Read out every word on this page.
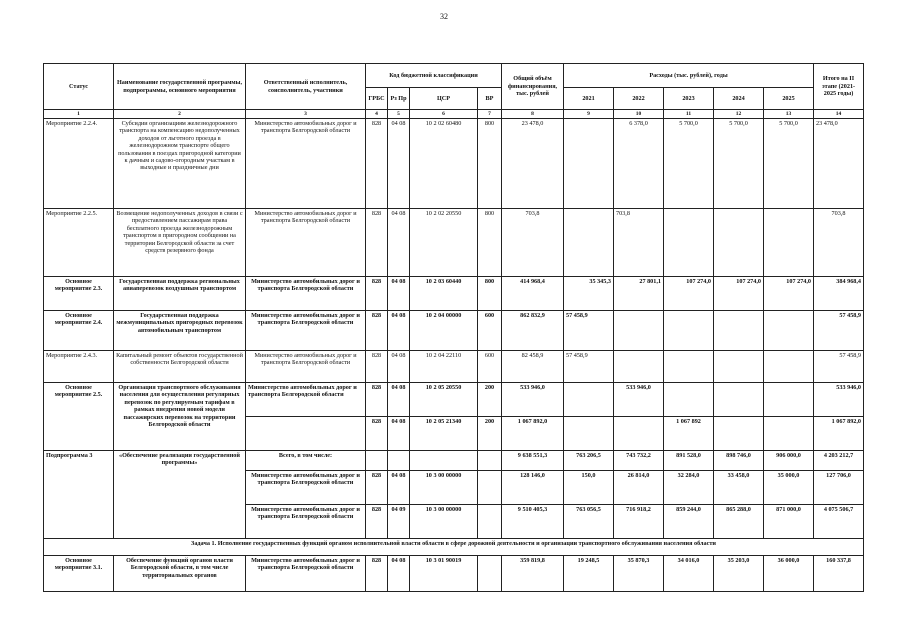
32
Статус	Наименование государственной программы, подпрограммы, основного мероприятия	Ответственный исполнитель, соисполнитель, участники	Код бюджетной классификации				Общий объём финансирования, тыс. рублей	Расходы (тыс. рублей), годы					Итого на II этапе (2021-2025 годы)
			ГРБС	Рз Пр	ЦСР	ВР		2021	2022	2023	2024	2025	
1	2	3	4	5	6	7	8	9	10	11	12	13	14
Мероприятие 2.2.4.	Субсидии организациям железнодорожного транспорта на компенсацию недополученных доходов от льготного проезда в железнодорожном транспорте общего пользования в поездах пригородной категории к дачным и садово-огородным участкам в выходные и праздничные дни	Министерство автомобильных дорог и транспорта Белгородской области	828	04 08	10 2 02 60480	800	23 478,0		6 378,0	5 700,0	5 700,0	5 700,0	23 478,0
Мероприятие 2.2.5.	Возмещение недополученных доходов в связи с предоставлением пассажирам права бесплатного проезда железнодорожным транспортом в пригородном сообщении на территории Белгородской области за счет средств резервного фонда	Министерство автомобильных дорог и транспорта Белгородской области	828	04 08	10 2 02 20550	800	703,8		703,8				703,8
Основное мероприятие 2.3.	Государственная поддержка региональных авиаперевозок воздушным транспортом	Министерство автомобильных дорог и транспорта Белгородской области	828	04 08	10 2 03 60440	800	414 968,4	35 345,3	27 801,1	107 274,0	107 274,0	107 274,0	384 968,4
Основное мероприятие 2.4.	Государственная поддержка межмуниципальных пригородных перевозок автомобильным транспортом	Министерство автомобильных дорог и транспорта Белгородской области	828	04 08	10 2 04 00000	600	862 832,9	57 458,9					57 458,9
Мероприятие 2.4.3.	Капитальный ремонт объектов государственной собственности Белгородской области	Министерство автомобильных дорог и транспорта Белгородской области	828	04 08	10 2 04 22110	600	82 458,9	57 458,9					57 458,9
Основное мероприятие 2.5.	Организация транспортного обслуживания населения для осуществления регулярных перевозок по регулируемым тарифам в рамках внедрения новой модели пассажирских перевозок на территории Белгородской области	Министерство автомобильных дорог и транспорта Белгородской области	828	04 08	10 2 05 20550	200	533 946,0		533 946,0				533 946,0
			828	04 08	10 2 05 21340	200	1 067 892,0			1 067 892			1 067 892,0
Подпрограмма 3	«Обеспечение реализации государственной программы»	Всего, в том числе:					9 638 551,3	763 206,5	743 732,2	891 528,0	898 746,0	906 000,0	4 203 212,7
		Министерство автомобильных дорог и транспорта Белгородской области	828	04 08	10 3 00 00000		128 146,0	150,0	26 814,0	32 284,0	33 458,0	35 000,0	127 706,0
		Министерство автомобильных дорог и транспорта Белгородской области	828	04 09	10 3 00 00000		9 510 405,3	763 056,5	716 918,2	859 244,0	865 288,0	871 000,0	4 075 506,7
Задача 1. Исполнение государственных функций органом исполнительной власти области в сфере дорожной деятельности и организации транспортного обслуживания населения области													
Основное мероприятие 3.1.	Обеспечение функций органов власти Белгородской области, в том числе территориальных органов	Министерство автомобильных дорог и транспорта Белгородской области	828	04 08	10 3 01 90019		359 819,8	19 248,5	35 870,3	34 016,0	35 203,0	36 000,0	160 337,8
